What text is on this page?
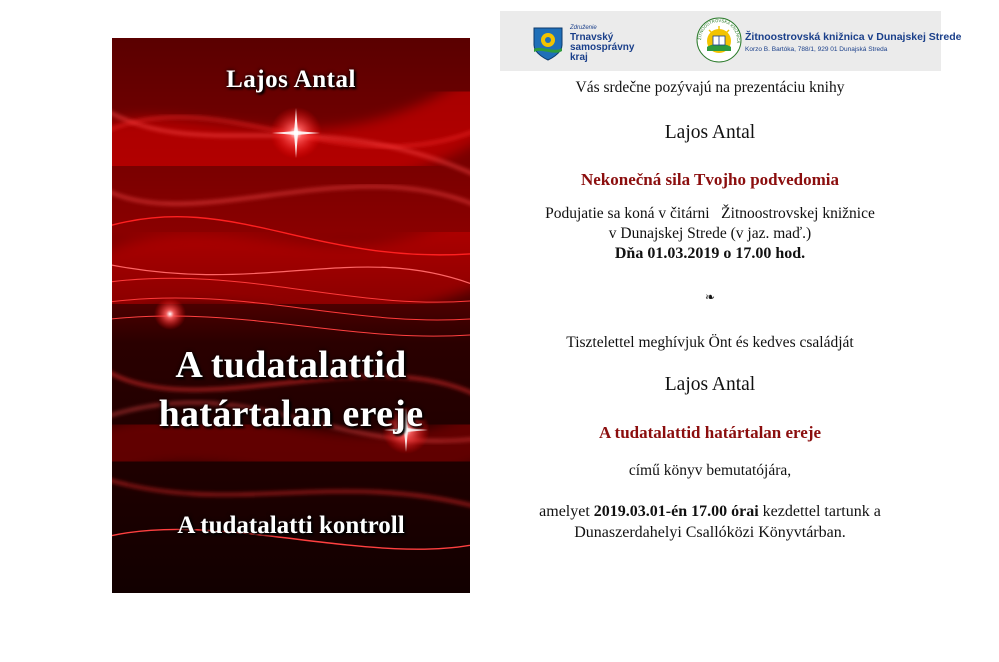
Lajos Antal

A tudatalattid

határtalan ereje

A tudatalatti kontroll

Združenie
Trnavský
samosprávny
kraj
ŽITNOOSTROVSKÁ KNIŽNICA Žitnoostrovská knižnica v Dunajskej Strede
Korzo B. Bartóka, 788/1, 929 01 Dunajská Streda

Vás srdečne pozývajú na prezentáciu knihy

Lajos Antal

Nekonečná sila Tvojho podvedomia

Podujatie sa koná v čitárni   Žitnoostrovskej knižnice

v Dunajskej Strede (v jaz. maď.)

Dňa 01.03.2019 o 17.00 hod.

❧

Tisztelettel meghívjuk Önt és kedves családját

Lajos Antal

A tudatalattid határtalan ereje

című könyv bemutatójára,

amelyet 2019.03.01-én 17.00 órai kezdettel tartunk a

Dunaszerdahelyi Csallóközi Könyvtárban.
